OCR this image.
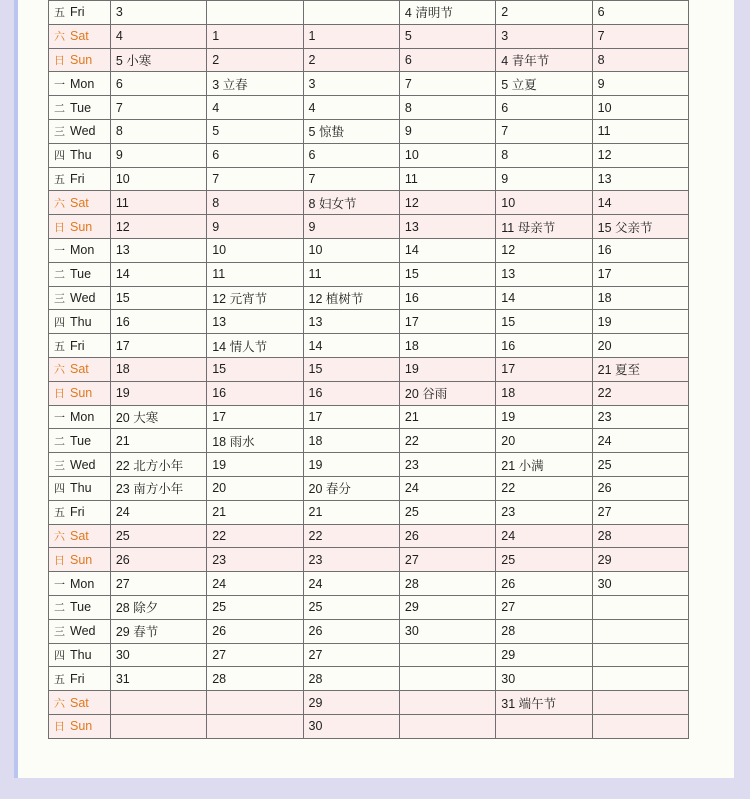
五 Fri	3			4 清明节	2	6
六 Sat	4	1	1	5	3	7
日 Sun	5 小寒	2	2	6	4 青年节	8
一 Mon	6	3 立春	3	7	5 立夏	9
二 Tue	7	4	4	8	6	10
三 Wed	8	5	5 惊蛰	9	7	11
四 Thu	9	6	6	10	8	12
五 Fri	10	7	7	11	9	13
六 Sat	11	8	8 妇女节	12	10	14
日 Sun	12	9	9	13	11 母亲节	15 父亲节
一 Mon	13	10	10	14	12	16
二 Tue	14	11	11	15	13	17
三 Wed	15	12 元宵节	12 植树节	16	14	18
四 Thu	16	13	13	17	15	19
五 Fri	17	14 情人节	14	18	16	20
六 Sat	18	15	15	19	17	21 夏至
日 Sun	19	16	16	20 谷雨	18	22
一 Mon	20 大寒	17	17	21	19	23
二 Tue	21	18 雨水	18	22	20	24
三 Wed	22 北方小年	19	19	23	21 小满	25
四 Thu	23 南方小年	20	20 春分	24	22	26
五 Fri	24	21	21	25	23	27
六 Sat	25	22	22	26	24	28
日 Sun	26	23	23	27	25	29
一 Mon	27	24	24	28	26	30
二 Tue	28 除夕	25	25	29	27	
三 Wed	29 春节	26	26	30	28	
四 Thu	30	27	27		29	
五 Fri	31	28	28		30	
六 Sat			29		31 端午节	
日 Sun			30			
